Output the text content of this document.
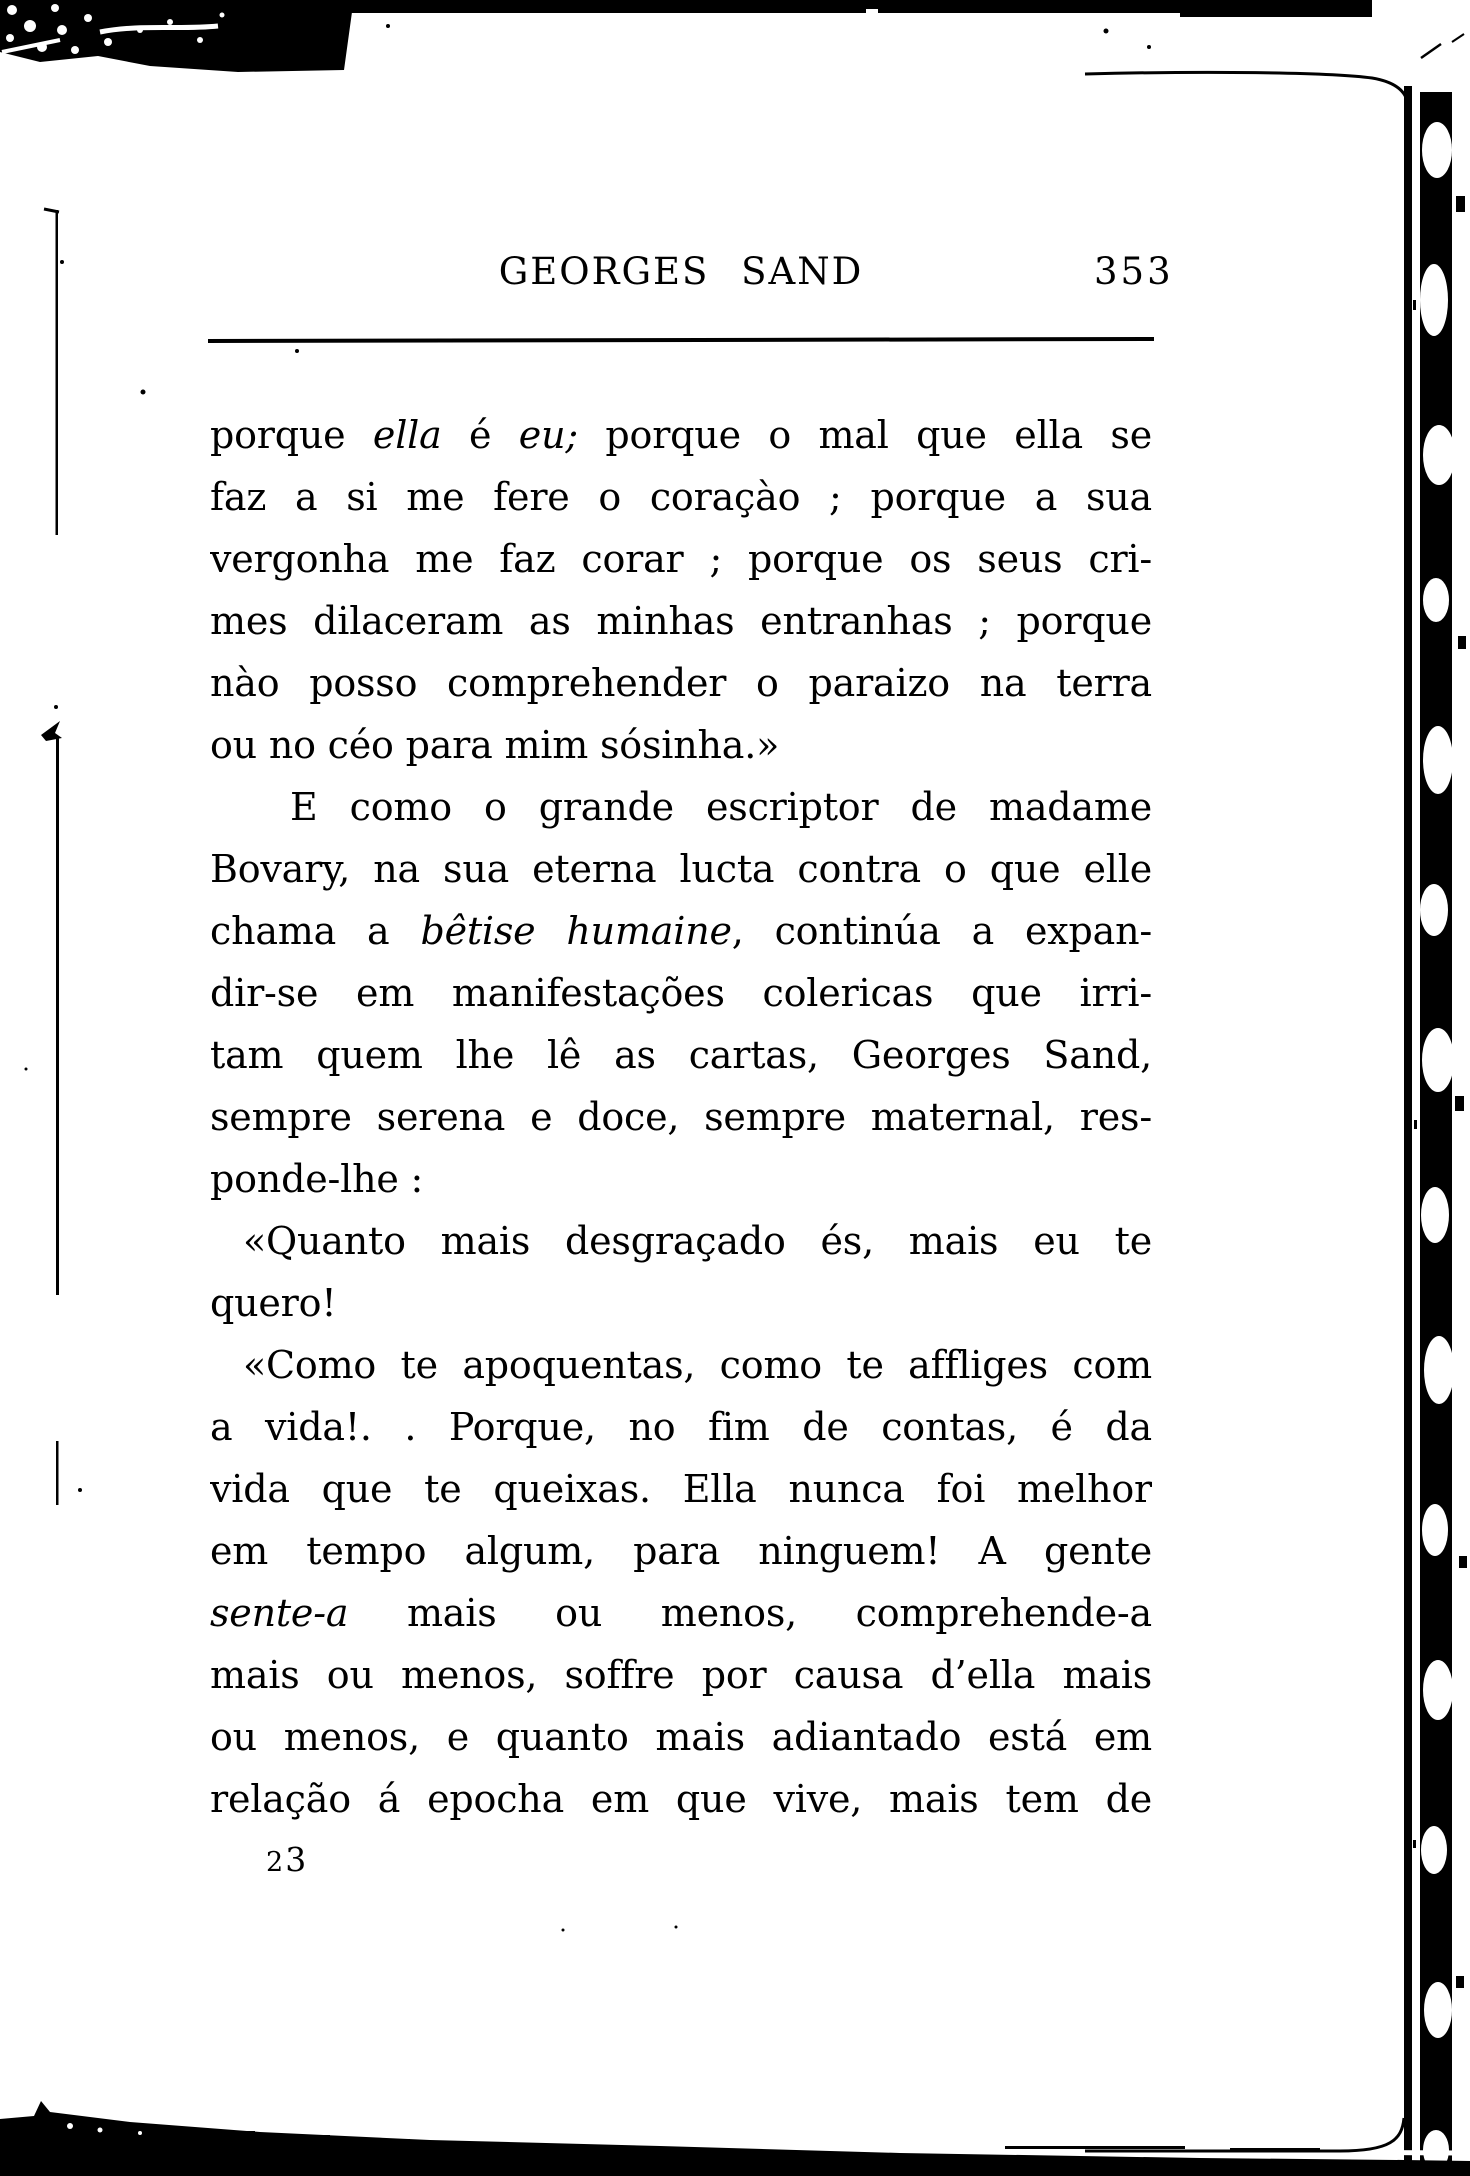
GEORGES SAND	353
porque ella é eu; porque o mal que ella se
faz a si me fere o coraçào ; porque a sua
vergonha me faz corar ; porque os seus cri-
mes dilaceram as minhas entranhas ; porque
nào posso comprehender o paraizo na terra
ou no céo para mim sósinha.»
E como o grande escriptor de madame
Bovary, na sua eterna lucta contra o que elle
chama a bêtise humaine, continúa a expan-
dir-se em manifestações colericas que irri-
tam quem lhe lê as cartas, Georges Sand,
sempre serena e doce, sempre maternal, res-
ponde-lhe :
«Quanto mais desgraçado és, mais eu te
quero!
«Como te apoquentas, como te affliges com
a vida!. . Porque, no fim de contas, é da
vida que te queixas. Ella nunca foi melhor
em tempo algum, para ninguem! A gente
sente-a mais ou menos, comprehende-a
mais ou menos, soffre por causa d’ella mais
ou menos, e quanto mais adiantado está em
relação á epocha em que vive, mais tem de
23
